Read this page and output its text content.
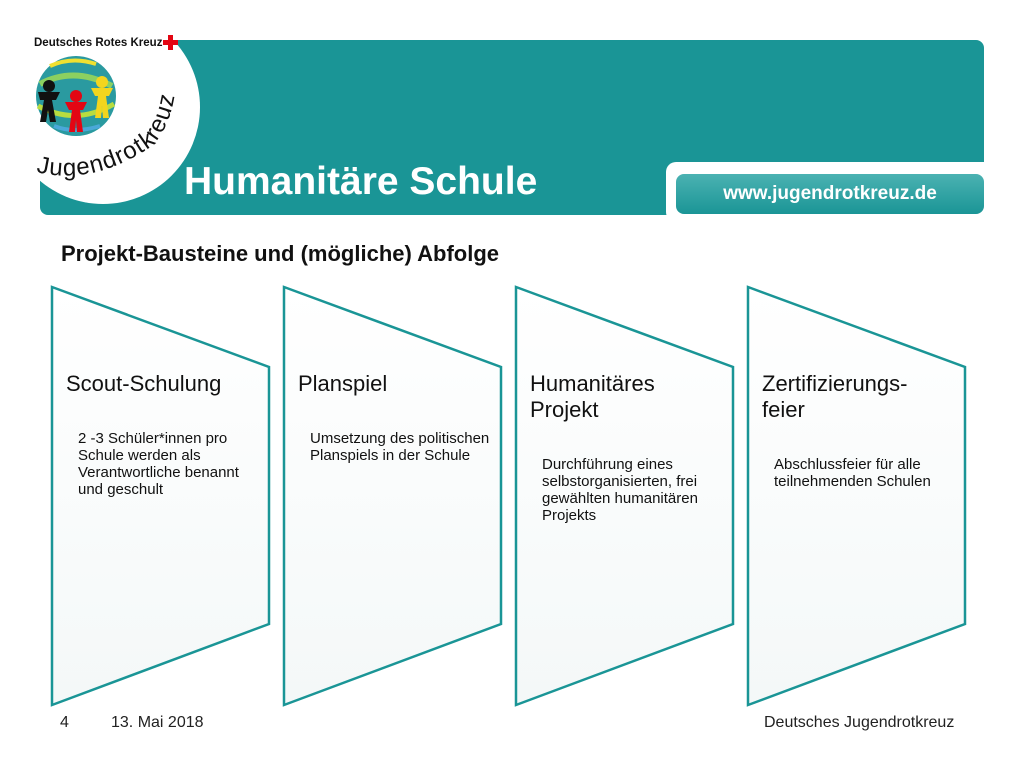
www.jugendrotkreuz.de
Deutsches Rotes Kreuz
Jugendrotkreuz
Humanitäre Schule
Projekt-Bausteine und (mögliche) Abfolge
Scout-Schulung
2 -3 Schüler*innen pro Schule werden als Verantwortliche benannt und geschult
Planspiel
Umsetzung des politischen Planspiels in der Schule
Humanitäres Projekt
Durchführung eines selbstorganisierten, frei gewählten humanitären Projekts
Zertifizierungs-feier
Abschlussfeier für alle teilnehmenden Schulen
4	13. Mai 2018	Deutsches Jugendrotkreuz
